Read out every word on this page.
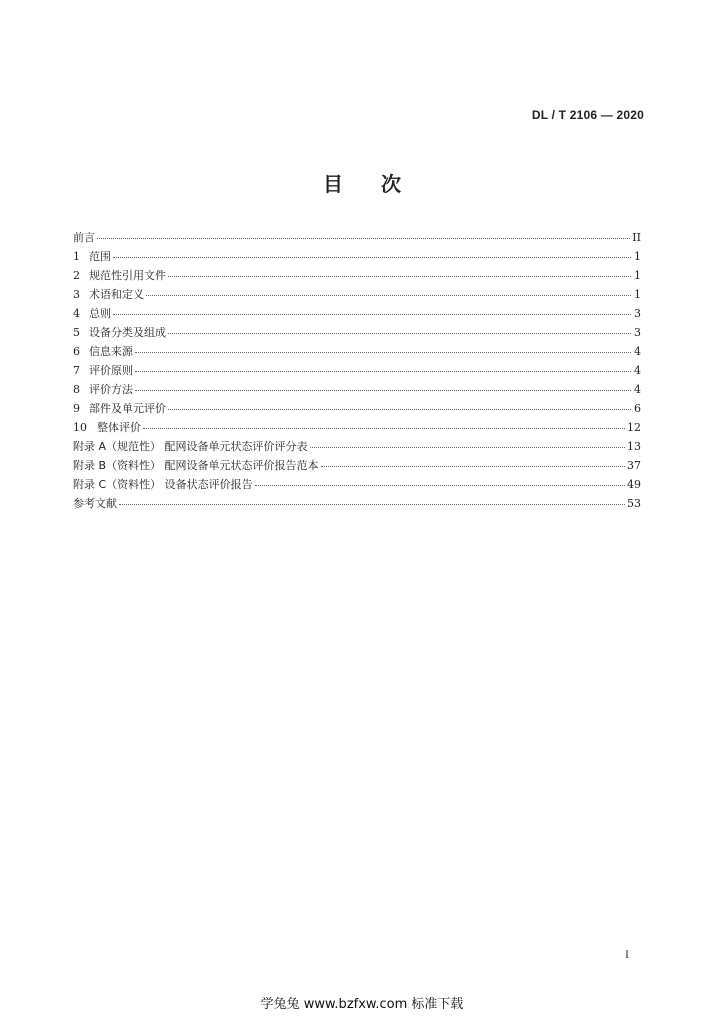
DL / T 2106 — 2020
目次
前言	II
1 范围	1
2 规范性引用文件	1
3 术语和定义	1
4 总则	3
5 设备分类及组成	3
6 信息来源	4
7 评价原则	4
8 评价方法	4
9 部件及单元评价	6
10 整体评价	12
附录 A（规范性） 配网设备单元状态评价评分表	13
附录 B（资料性） 配网设备单元状态评价报告范本	37
附录 C（资料性） 设备状态评价报告	49
参考文献	53
I
学兔兔 www.bzfxw.com 标准下载
